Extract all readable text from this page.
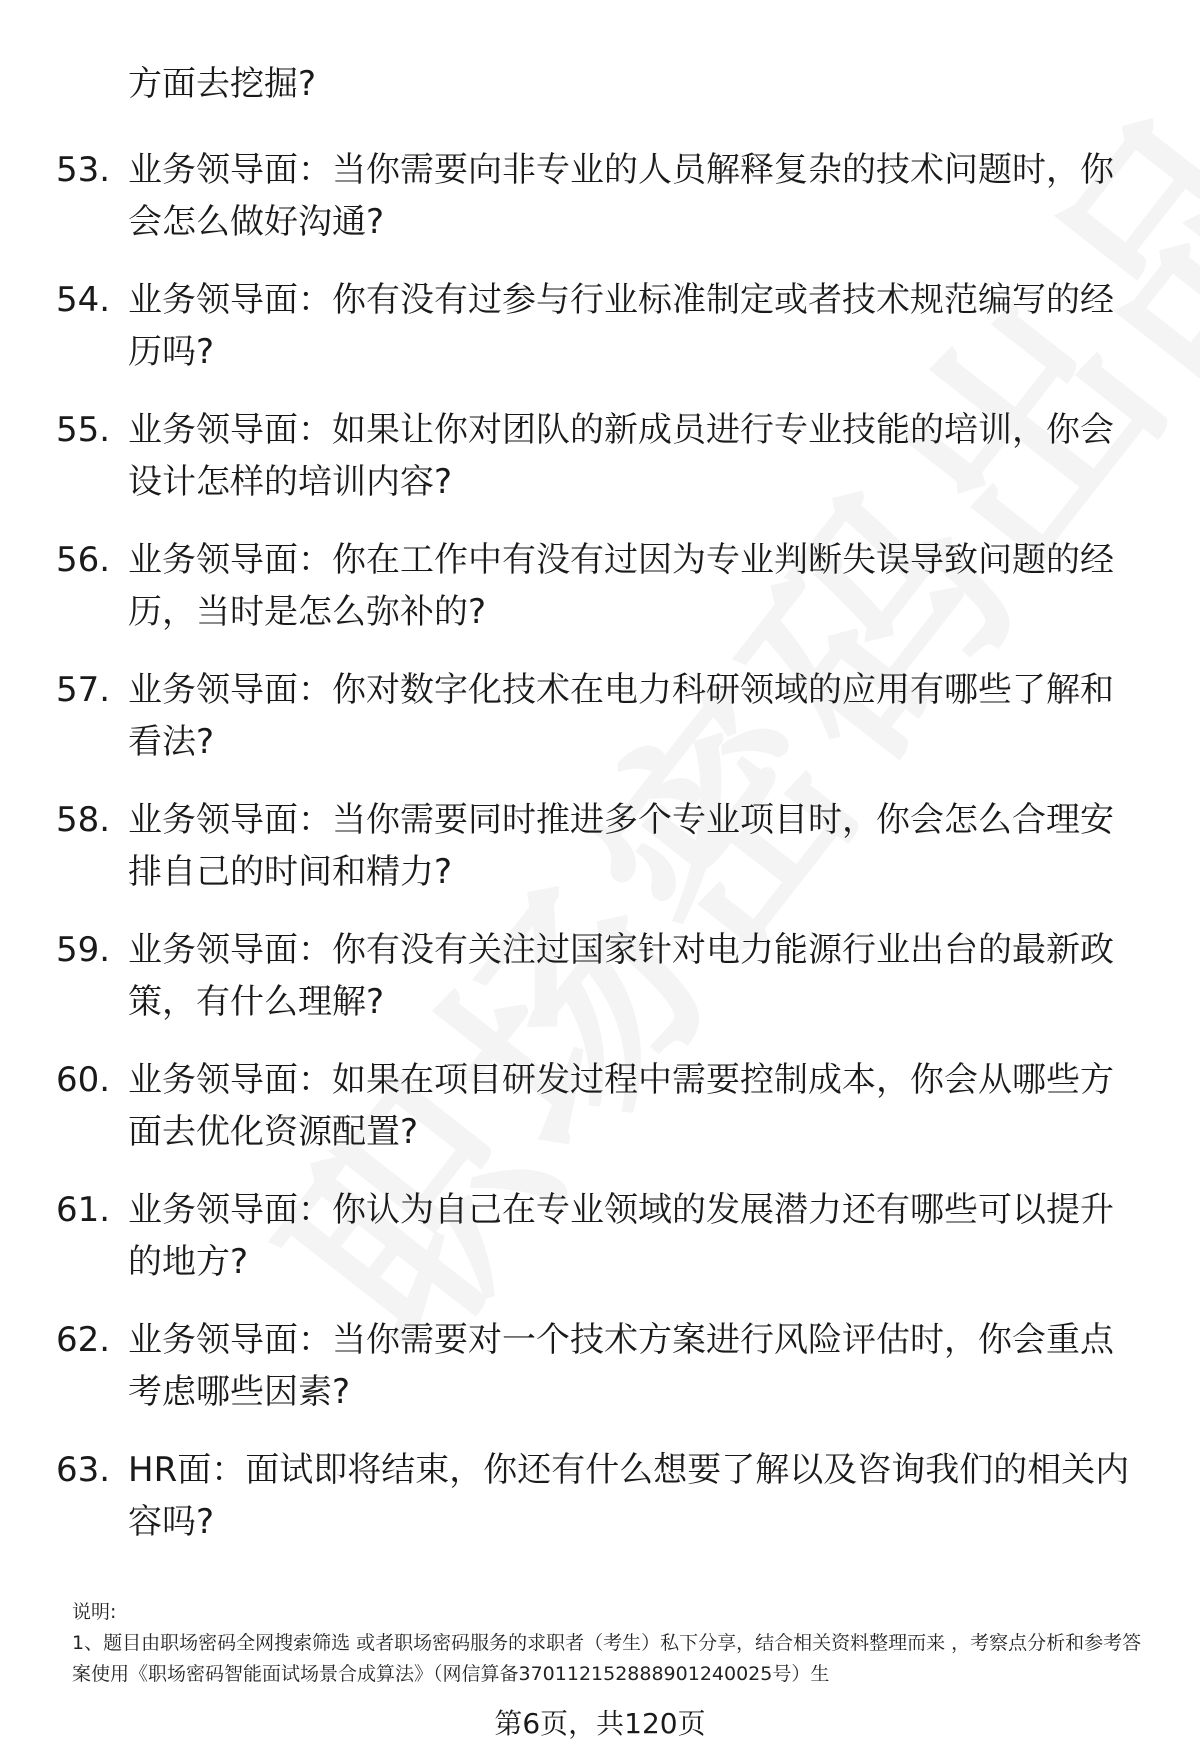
方面去挖掘?
53. 业务领导面：当你需要向非专业的人员解释复杂的技术问题时，你会怎么做好沟通?
54. 业务领导面：你有没有过参与行业标准制定或者技术规范编写的经历吗?
55. 业务领导面：如果让你对团队的新成员进行专业技能的培训，你会设计怎样的培训内容?
56. 业务领导面：你在工作中有没有过因为专业判断失误导致问题的经历，当时是怎么弥补的?
57. 业务领导面：你对数字化技术在电力科研领域的应用有哪些了解和看法?
58. 业务领导面：当你需要同时推进多个专业项目时，你会怎么合理安排自己的时间和精力?
59. 业务领导面：你有没有关注过国家针对电力能源行业出台的最新政策，有什么理解?
60. 业务领导面：如果在项目研发过程中需要控制成本，你会从哪些方面去优化资源配置?
61. 业务领导面：你认为自己在专业领域的发展潜力还有哪些可以提升的地方?
62. 业务领导面：当你需要对一个技术方案进行风险评估时，你会重点考虑哪些因素?
63. HR面：面试即将结束，你还有什么想要了解以及咨询我们的相关内容吗?
说明:
1、题目由职场密码全网搜索筛选 或者职场密码服务的求职者（考生）私下分享，结合相关资料整理而来 ，考察点分析和参考答案使用《职场密码智能面试场景合成算法》（网信算备370112152888901240025号）生
第6页，共120页
